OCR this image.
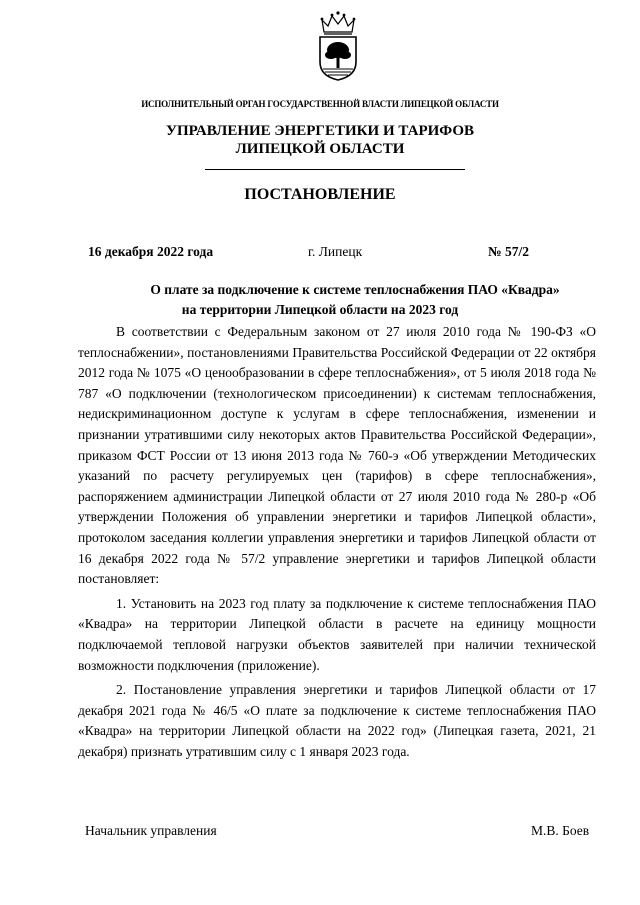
ИСПОЛНИТЕЛЬНЫЙ ОРГАН ГОСУДАРСТВЕННОЙ ВЛАСТИ ЛИПЕЦКОЙ ОБЛАСТИ
УПРАВЛЕНИЕ ЭНЕРГЕТИКИ И ТАРИФОВ
ЛИПЕЦКОЙ ОБЛАСТИ
ПОСТАНОВЛЕНИЕ
16 декабря 2022 года	г. Липецк	№ 57/2
О плате за подключение к системе теплоснабжения ПАО «Квадра»
на территории Липецкой области на 2023 год

В соответствии с Федеральным законом от 27 июля 2010 года № 190-ФЗ «О теплоснабжении», постановлениями Правительства Российской Федерации от 22 октября 2012 года № 1075 «О ценообразовании в сфере теплоснабжения», от 5 июля 2018 года № 787 «О подключении (технологическом присоединении) к системам теплоснабжения, недискриминационном доступе к услугам в сфере теплоснабжения, изменении и признании утратившими силу некоторых актов Правительства Российской Федерации», приказом ФСТ России от 13 июня 2013 года № 760-э «Об утверждении Методических указаний по расчету регулируемых цен (тарифов) в сфере теплоснабжения», распоряжением администрации Липецкой области от 27 июля 2010 года № 280-р «Об утверждении Положения об управлении энергетики и тарифов Липецкой области», протоколом заседания коллегии управления энергетики и тарифов Липецкой области от 16 декабря 2022 года № 57/2 управление энергетики и тарифов Липецкой области постановляет:

1. Установить на 2023 год плату за подключение к системе теплоснабжения ПАО «Квадра» на территории Липецкой области в расчете на единицу мощности подключаемой тепловой нагрузки объектов заявителей при наличии технической возможности подключения (приложение).

2. Постановление управления энергетики и тарифов Липецкой области от 17 декабря 2021 года № 46/5 «О плате за подключение к системе теплоснабжения ПАО «Квадра» на территории Липецкой области на 2022 год» (Липецкая газета, 2021, 21 декабря) признать утратившим силу с 1 января 2023 года.

Начальник управления	М.В. Боев
